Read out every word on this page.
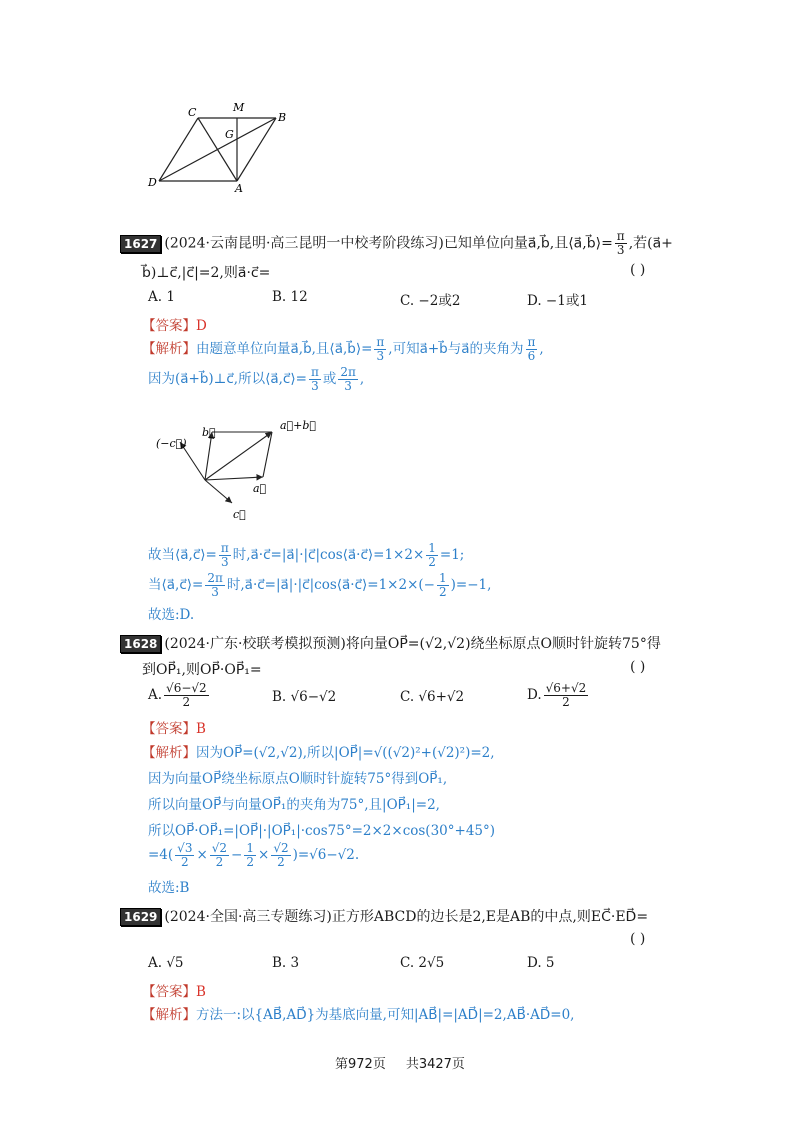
C	M
B
G
D	A
1627 (2024·云南昆明·高三昆明一中校考阶段练习)已知单位向量a⃗,b⃗,且⟨a⃗,b⃗⟩= $\frac{\pi}{3}$ ,若(a⃗+
b⃗)⊥c⃗,|c⃗|=2,则a⃗·c⃗=	( )
A. 1	B. 12	C. −2或2	D. −1或1
【答案】D
【解析】由题意单位向量a⃗,b⃗,且⟨a⃗,b⃗⟩= $\frac{\pi}{3}$ ,可知a⃗+b⃗与a⃗的夹角为 $\frac{\pi}{6}$ ,
因为(a⃗+b⃗)⊥c⃗,所以⟨a⃗,c⃗⟩= $\frac{\pi}{3}$ 或 $\frac{2\pi}{3}$ ,
b⃗
a⃗+b⃗
(−c⃗)
a⃗
c⃗
故当⟨a⃗,c⃗⟩= $\frac{\pi}{3}$ 时,a⃗·c⃗=|a⃗|·|c⃗|cos⟨a⃗·c⃗⟩=1×2× $\frac{1}{2} =1$;
当⟨a⃗,c⃗⟩= $\frac{2\pi}{3}$ 时,a⃗·c⃗=|a⃗|·|c⃗|cos⟨a⃗·c⃗⟩=1×2×(− $\frac{1}{2} )=-1$,
故选:D.
1628 (2024·广东·校联考模拟预测)将向量OP⃗=(√2,√2)绕坐标原点O顺时针旋转75°得
到OP⃗₁,则OP⃗·OP⃗₁=	( )
A. $\frac{√6-√2}{2}$	B. √6−√2	C. √6+√2	D. $\frac{√6+√2}{2}$
【答案】B
【解析】因为OP⃗=(√2,√2),所以|OP⃗|=√((√2)²+(√2)²)=2,
因为向量OP⃗绕坐标原点O顺时针旋转75°得到OP⃗₁,
所以向量OP⃗与向量OP⃗₁的夹角为75°,且|OP⃗₁|=2,
所以OP⃗·OP⃗₁=|OP⃗|·|OP⃗₁|·cos75°=2×2×cos(30°+45°)
$=4( \frac{√3}{2} \times \frac{√2}{2} - \frac{1}{2} \times \frac{√2}{2} )=√6-√2$.
故选:B
1629 (2024·全国·高三专题练习)正方形ABCD的边长是2,E是AB的中点,则EC⃗·ED⃗=
( )
A. √5	B. 3	C. 2√5	D. 5
【答案】B
【解析】方法一:以{AB⃗,AD⃗}为基底向量,可知|AB⃗|=|AD⃗|=2,AB⃗·AD⃗=0,
第972页 共3427页
